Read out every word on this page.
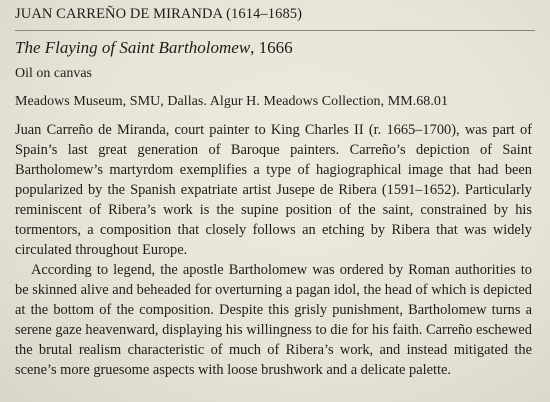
JUAN CARREÑO DE MIRANDA (1614–1685)

The Flaying of Saint Bartholomew, 1666

Oil on canvas

Meadows Museum, SMU, Dallas. Algur H. Meadows Collection, MM.68.01

Juan Carreño de Miranda, court painter to King Charles II (r. 1665–1700), was part of Spain’s last great generation of Baroque painters. Carreño’s depiction of Saint Bartholomew’s martyrdom exemplifies a type of hagiographical image that had been popularized by the Spanish expatriate artist Jusepe de Ribera (1591–1652). Particularly reminiscent of Ribera’s work is the supine position of the saint, constrained by his tormentors, a composition that closely follows an etching by Ribera that was widely circulated throughout Europe.

According to legend, the apostle Bartholomew was ordered by Roman authorities to be skinned alive and beheaded for overturning a pagan idol, the head of which is depicted at the bottom of the composition. Despite this grisly punishment, Bartholomew turns a serene gaze heavenward, displaying his willingness to die for his faith. Carreño eschewed the brutal realism characteristic of much of Ribera’s work, and instead mitigated the scene’s more gruesome aspects with loose brushwork and a delicate palette.
